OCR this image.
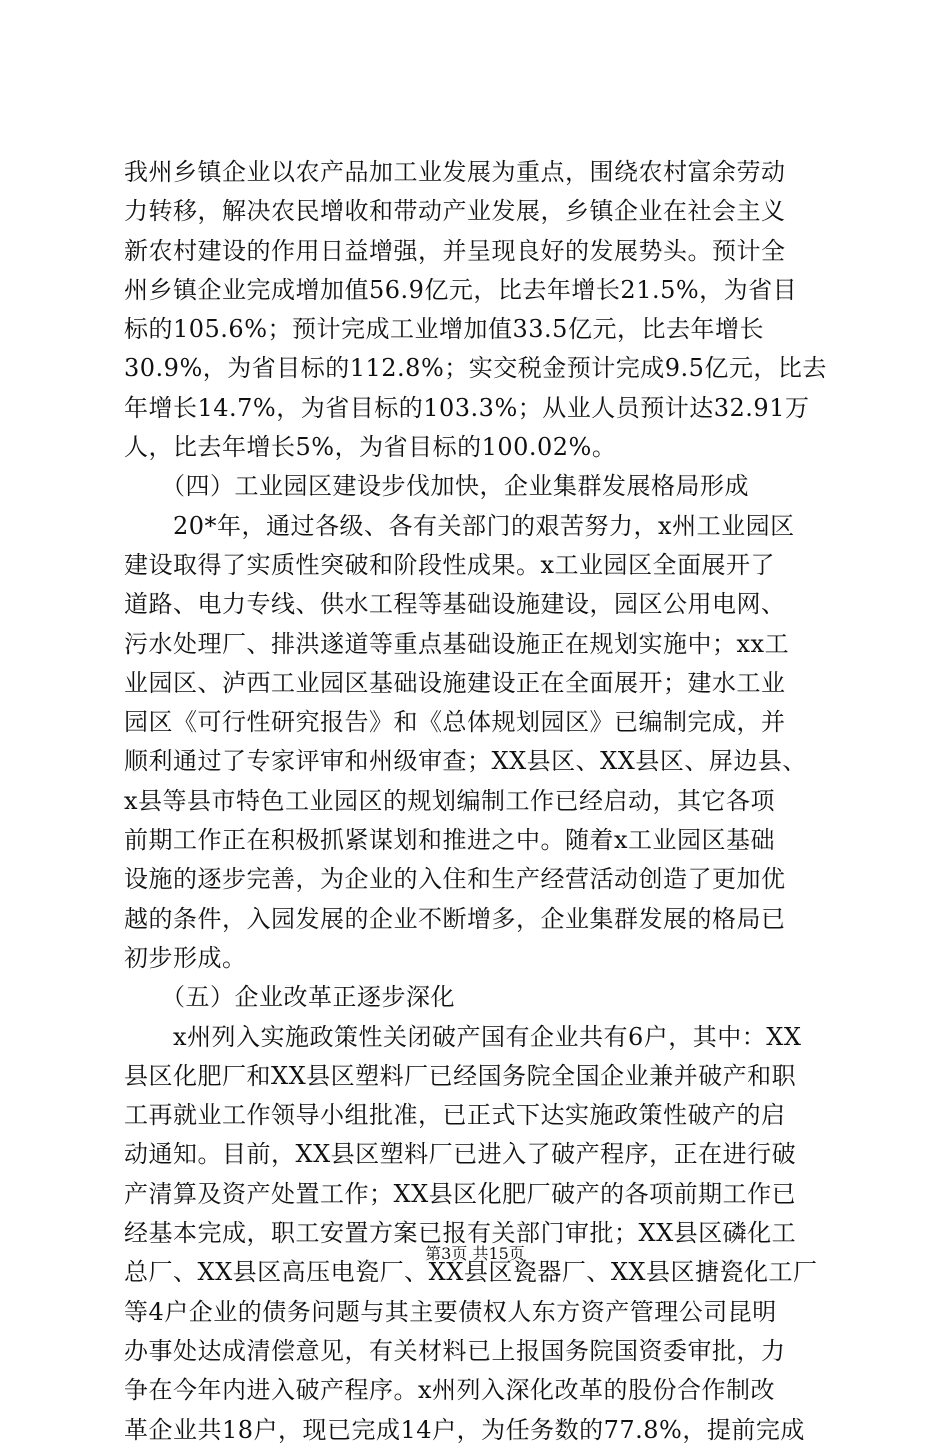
我州乡镇企业以农产品加工业发展为重点，围绕农村富余劳动
力转移，解决农民增收和带动产业发展，乡镇企业在社会主义
新农村建设的作用日益增强，并呈现良好的发展势头。预计全
州乡镇企业完成增加值56.9亿元，比去年增长21.5%，为省目
标的105.6%；预计完成工业增加值33.5亿元，比去年增长
30.9%，为省目标的112.8%；实交税金预计完成9.5亿元，比去
年增长14.7%，为省目标的103.3%；从业人员预计达32.91万
人，比去年增长5%，为省目标的100.02%。
　　（四）工业园区建设步伐加快，企业集群发展格局形成
　　20*年，通过各级、各有关部门的艰苦努力，x州工业园区
建设取得了实质性突破和阶段性成果。x工业园区全面展开了
道路、电力专线、供水工程等基础设施建设，园区公用电网、
污水处理厂、排洪遂道等重点基础设施正在规划实施中；xx工
业园区、泸西工业园区基础设施建设正在全面展开；建水工业
园区《可行性研究报告》和《总体规划园区》已编制完成，并
顺利通过了专家评审和州级审查；XX县区、XX县区、屏边县、
x县等县市特色工业园区的规划编制工作已经启动，其它各项
前期工作正在积极抓紧谋划和推进之中。随着x工业园区基础
设施的逐步完善，为企业的入住和生产经营活动创造了更加优
越的条件，入园发展的企业不断增多，企业集群发展的格局已
初步形成。
　　（五）企业改革正逐步深化
　　x州列入实施政策性关闭破产国有企业共有6户，其中：XX
县区化肥厂和XX县区塑料厂已经国务院全国企业兼并破产和职
工再就业工作领导小组批准，已正式下达实施政策性破产的启
动通知。目前，XX县区塑料厂已进入了破产程序，正在进行破
产清算及资产处置工作；XX县区化肥厂破产的各项前期工作已
经基本完成，职工安置方案已报有关部门审批；XX县区磷化工
总厂、XX县区高压电瓷厂、XX县区瓷器厂、XX县区搪瓷化工厂
等4户企业的债务问题与其主要债权人东方资产管理公司昆明
办事处达成清偿意见，有关材料已上报国务院国资委审批，力
争在今年内进入破产程序。x州列入深化改革的股份合作制改
革企业共18户，现已完成14户，为任务数的77.8%，提前完成
第3页 共15页
